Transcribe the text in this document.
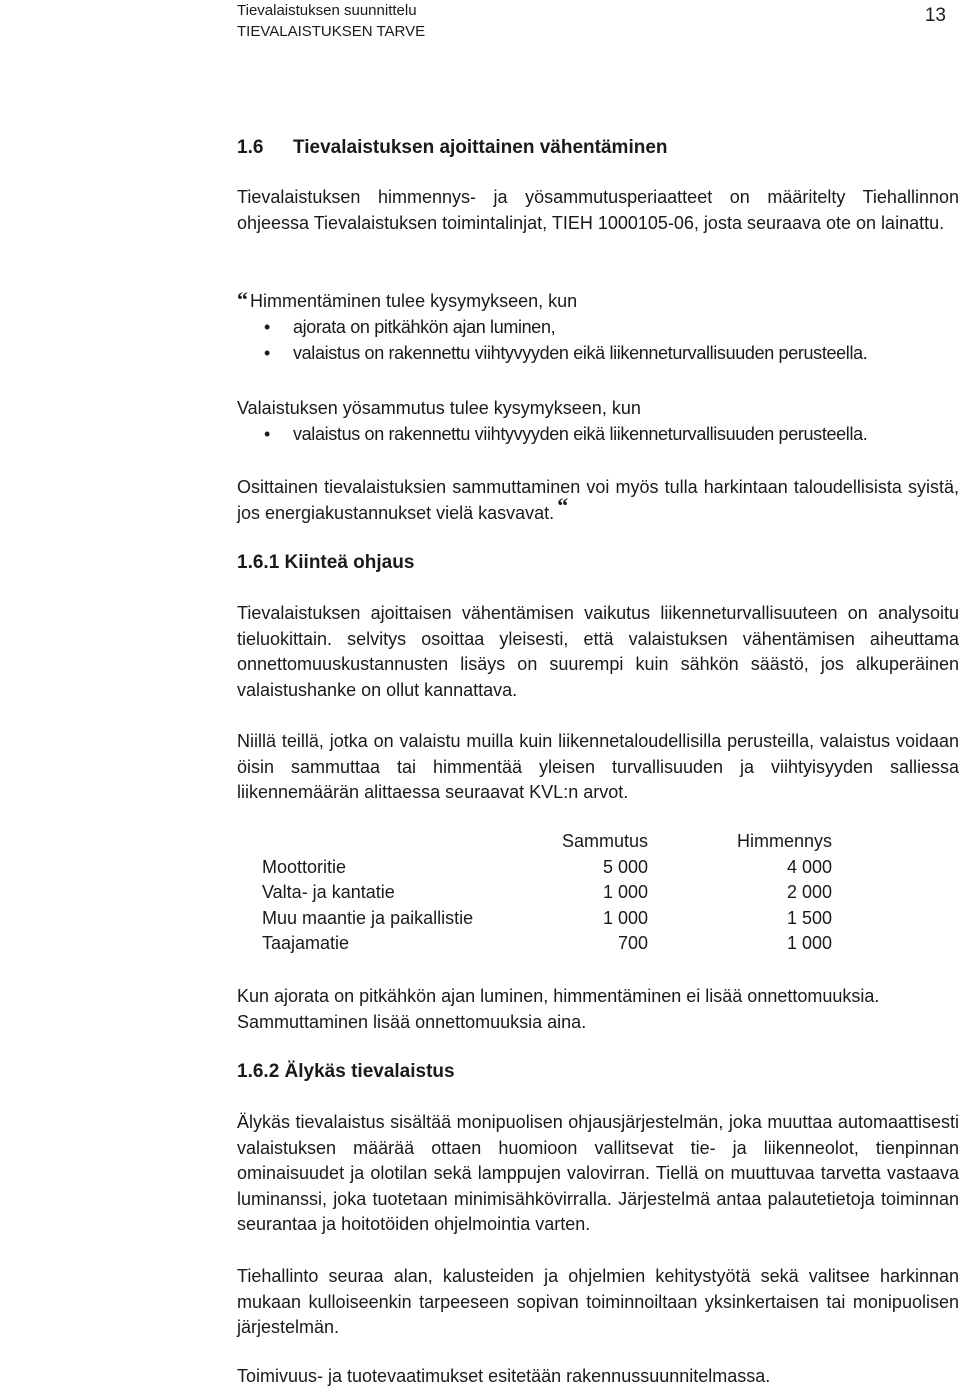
Tievalaistuksen suunnittelu
TIEVALAISTUKSEN TARVE
13
1.6 Tievalaistuksen ajoittainen vähentäminen

Tievalaistuksen himmennys- ja yösammutusperiaatteet on määritelty Tiehallinnon ohjeessa Tievalaistuksen toimintalinjat, TIEH 1000105-06, josta seuraava ote on lainattu.

“ Himmentäminen tulee kysymykseen, kun
• ajorata on pitkähkön ajan luminen,
• valaistus on rakennettu viihtyvyyden eikä liikenneturvallisuuden perusteella.
Valaistuksen yösammutus tulee kysymykseen, kun
• valaistus on rakennettu viihtyvyyden eikä liikenneturvallisuuden perusteella.

Osittainen tievalaistuksien sammuttaminen voi myös tulla harkintaan taloudellisista syistä, jos energiakustannukset vielä kasvavat. “

1.6.1 Kiinteä ohjaus

Tievalaistuksen ajoittaisen vähentämisen vaikutus liikenneturvallisuuteen on analysoitu tieluokittain. selvitys osoittaa yleisesti, että valaistuksen vähentämisen aiheuttama onnettomuuskustannusten lisäys on suurempi kuin sähkön säästö, jos alkuperäinen valaistushanke on ollut kannattava.

Niillä teillä, jotka on valaistu muilla kuin liikennetaloudellisilla perusteilla, valaistus voidaan öisin sammuttaa tai himmentää yleisen turvallisuuden ja viihtyisyyden salliessa liikennemäärän alittaessa seuraavat KVL:n arvot.

	Sammutus	Himmennys
Moottoritie	5 000	4 000
Valta- ja kantatie	1 000	2 000
Muu maantie ja paikallistie	1 000	1 500
Taajamatie	700	1 000
Kun ajorata on pitkähkön ajan luminen, himmentäminen ei lisää onnettomuuksia.
Sammuttaminen lisää onnettomuuksia aina.
1.6.2 Älykäs tievalaistus

Älykäs tievalaistus sisältää monipuolisen ohjausjärjestelmän, joka muuttaa automaattisesti valaistuksen määrää ottaen huomioon vallitsevat tie- ja liikenneolot, tienpinnan ominaisuudet ja olotilan sekä lamppujen valovirran. Tiellä on muuttuvaa tarvetta vastaava luminanssi, joka tuotetaan minimisähkövirralla. Järjestelmä antaa palautetietoja toiminnan seurantaa ja hoitotöiden ohjelmointia varten.

Tiehallinto seuraa alan, kalusteiden ja ohjelmien kehitystyötä sekä valitsee harkinnan mukaan kulloiseenkin tarpeeseen sopivan toiminnoiltaan yksinkertaisen tai monipuolisen järjestelmän.

Toimivuus- ja tuotevaatimukset esitetään rakennussuunnitelmassa.
